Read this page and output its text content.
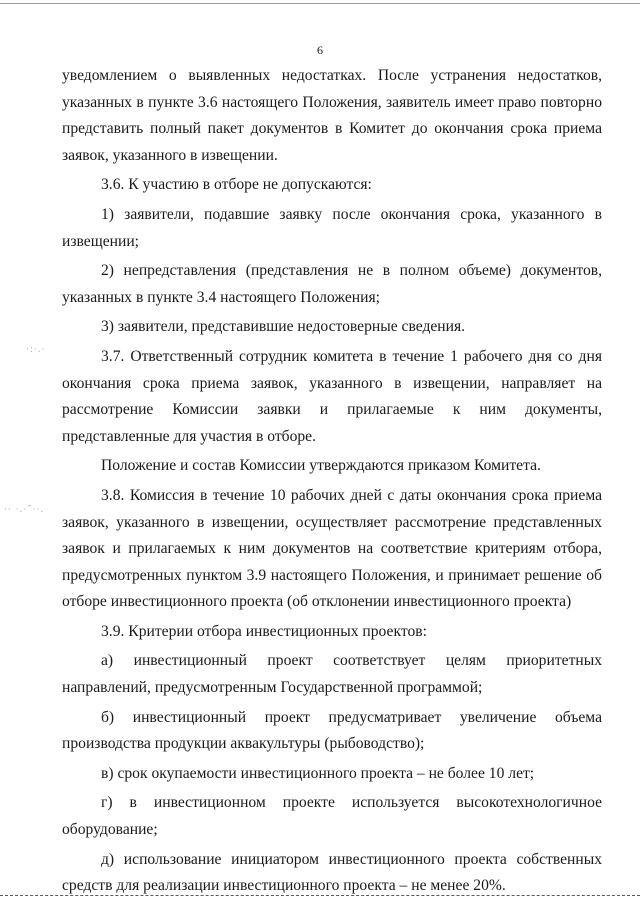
6
·:·.·
·· ·.·˜··.

уведомлением о выявленных недостатках. После устранения недостатков, указанных в пункте 3.6 настоящего Положения, заявитель имеет право повторно представить полный пакет документов в Комитет до окончания срока приема заявок, указанного в извещении.

3.6. К участию в отборе не допускаются:

1) заявители, подавшие заявку после окончания срока, указанного в извещении;

2) непредставления (представления не в полном объеме) документов, указанных в пункте 3.4 настоящего Положения;

3) заявители, представившие недостоверные сведения.

3.7. Ответственный сотрудник комитета в течение 1 рабочего дня со дня окончания срока приема заявок, указанного в извещении, направляет на рассмотрение Комиссии заявки и прилагаемые к ним документы, представленные для участия в отборе.

Положение и состав Комиссии утверждаются приказом Комитета.

3.8. Комиссия в течение 10 рабочих дней с даты окончания срока приема заявок, указанного в извещении, осуществляет рассмотрение представленных заявок и прилагаемых к ним документов на соответствие критериям отбора, предусмотренных пунктом 3.9 настоящего Положения, и принимает решение об отборе инвестиционного проекта (об отклонении инвестиционного проекта)

3.9. Критерии отбора инвестиционных проектов:

а) инвестиционный проект соответствует целям приоритетных направлений, предусмотренным Государственной программой;

б) инвестиционный проект предусматривает увеличение объема производства продукции аквакультуры (рыбоводство);

в) срок окупаемости инвестиционного проекта – не более 10 лет;

г) в инвестиционном проекте используется высокотехнологичное оборудование;

д) использование инициатором инвестиционного проекта собственных средств для реализации инвестиционного проекта – не менее 20%.
